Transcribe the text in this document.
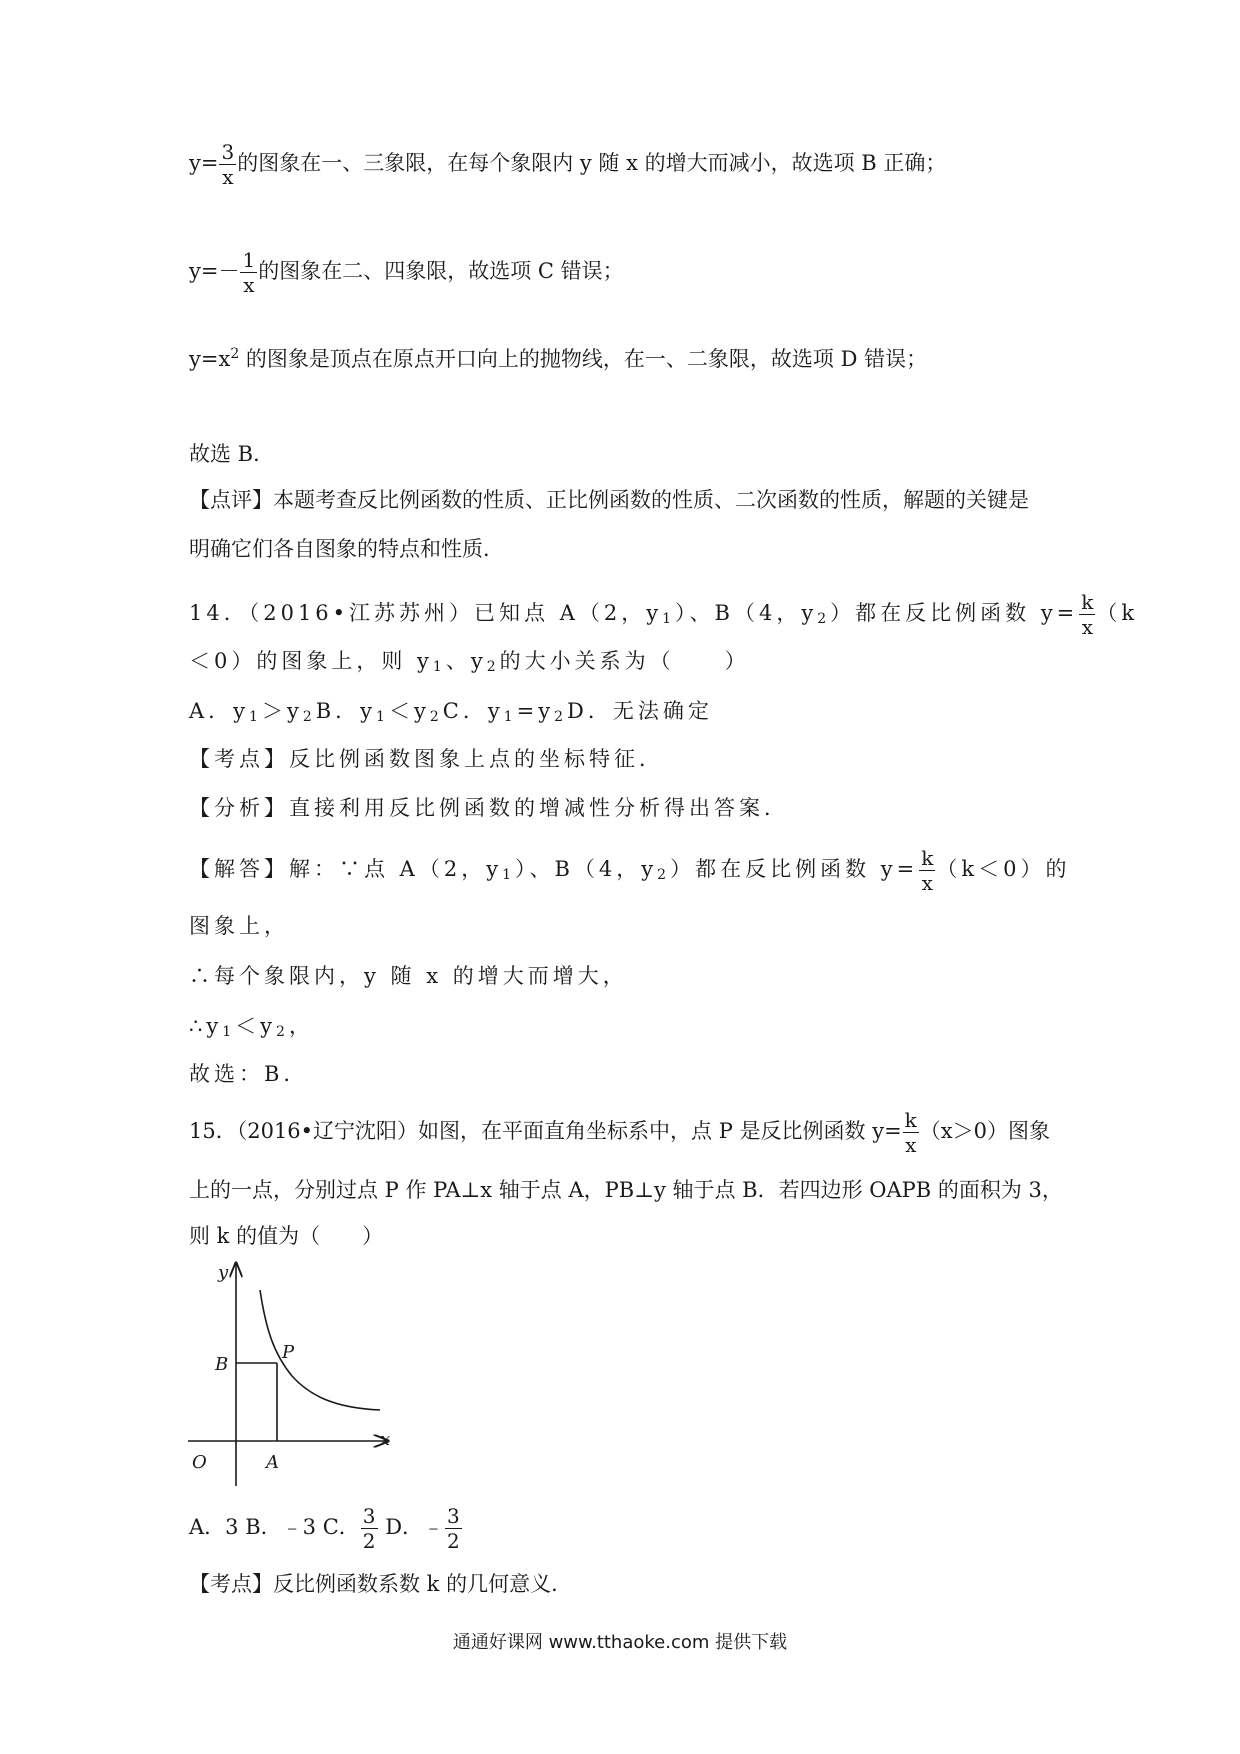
$y= \frac{3}{x}$ 的图象在一、三象限，在每个象限内 y 随 x 的增大而减小，故选项 B 正确；
$y=- \frac{1}{x}$ 的图象在二、四象限，故选项 C 错误；
$y=x^2$ 的图象是顶点在原点开口向上的抛物线，在一、二象限，故选项 D 错误；
故选 B．
【点评】本题考查反比例函数的性质、正比例函数的性质、二次函数的性质，解题的关键是
明确它们各自图象的特点和性质．
14．（2016•江苏苏州）已知点 A（2，$y_1$）、B（4，$y_2$）都在反比例函数 $y= \frac{k}{x} (k$
＜0）的图象上，则 $y_1$、$y_2$的大小关系为（　　）
A．$y_1>y_2B$．$y_1<y_2C$．$y_1=y_2D$．无法确定
【考点】反比例函数图象上点的坐标特征．
【分析】直接利用反比例函数的增减性分析得出答案．
【解答】解：∵点 A（2，$y_1$）、B（4，$y_2$）都在反比例函数 $y= \frac{k}{x} (k<0)$的
图象上，
∴每个象限内，y 随 x 的增大而增大，
$\therefore y_1<y_2$，
故选：B．
15．（2016•辽宁沈阳）如图，在平面直角坐标系中，点 P 是反比例函数 $y= \frac{k}{x} (x>0)$图象
上的一点，分别过点 P 作 PA⊥x 轴于点 A，PB⊥y 轴于点 B．若四边形 OAPB 的面积为 3，
则 k 的值为（　　）
y
x
O	A
B
P
A．3 B．﹣3 C． $\frac{3}{2}$ D．﹣ $\frac{3}{2}$
【考点】反比例函数系数 k 的几何意义．
通通好课网 www.tthaoke.com 提供下载
